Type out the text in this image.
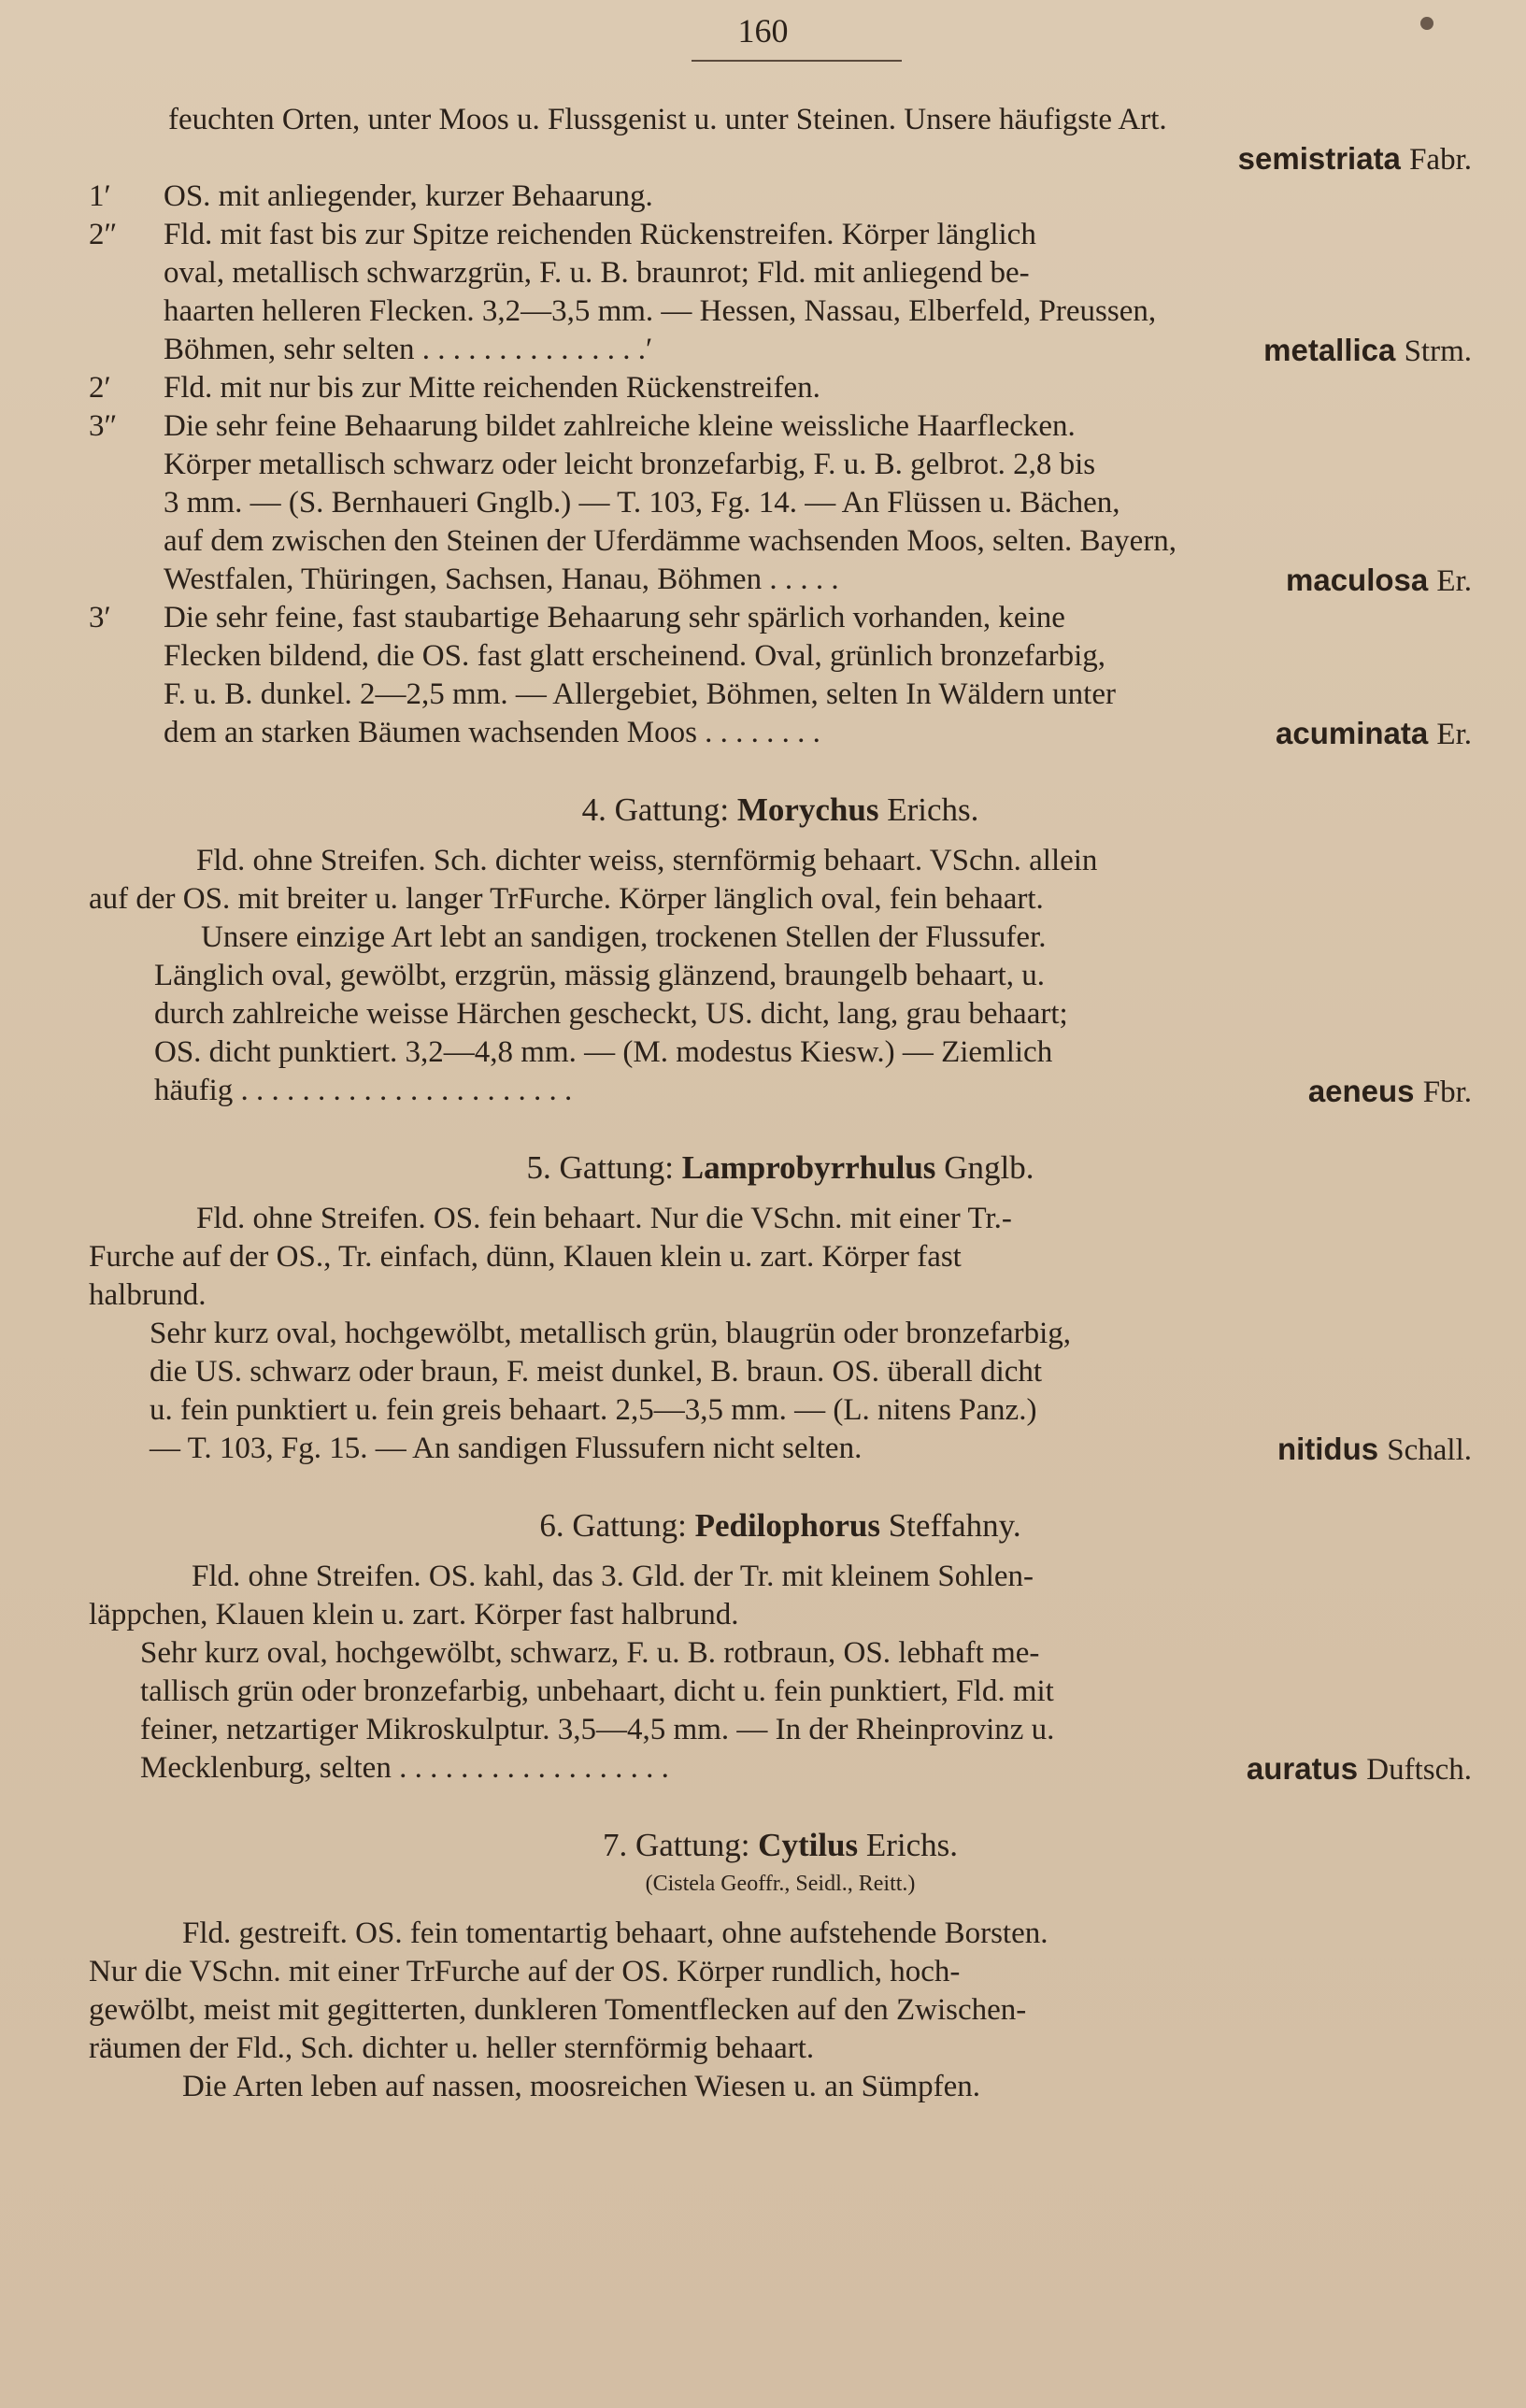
160
feuchten Orten, unter Moos u. Flussgenist u. unter Steinen. Unsere häufigste Art.
semistriata Fabr.
1′	OS. mit anliegender, kurzer Behaarung.
2″	Fld. mit fast bis zur Spitze reichenden Rückenstreifen. Körper länglich
oval, metallisch schwarzgrün, F. u. B. braunrot; Fld. mit anliegend be-
haarten helleren Flecken. 3,2—3,5 mm. — Hessen, Nassau, Elberfeld, Preussen,
Böhmen, sehr selten . . . . . . . . . . . . . . .′	metallica Strm.
2′	Fld. mit nur bis zur Mitte reichenden Rückenstreifen.
3″	Die sehr feine Behaarung bildet zahlreiche kleine weissliche Haarflecken.
Körper metallisch schwarz oder leicht bronzefarbig, F. u. B. gelbrot. 2,8 bis
3 mm. — (S. Bernhaueri Gnglb.) — T. 103, Fg. 14. — An Flüssen u. Bächen,
auf dem zwischen den Steinen der Uferdämme wachsenden Moos, selten. Bayern,
Westfalen, Thüringen, Sachsen, Hanau, Böhmen . . . . .	maculosa Er.
3′	Die sehr feine, fast staubartige Behaarung sehr spärlich vorhanden, keine
Flecken bildend, die OS. fast glatt erscheinend. Oval, grünlich bronzefarbig,
F. u. B. dunkel. 2—2,5 mm. — Allergebiet, Böhmen, selten In Wäldern unter
dem an starken Bäumen wachsenden Moos . . . . . . . .	acuminata Er.
4. Gattung: Morychus Erichs.
Fld. ohne Streifen. Sch. dichter weiss, sternförmig behaart. VSchn. allein
auf der OS. mit breiter u. langer TrFurche. Körper länglich oval, fein behaart.
Unsere einzige Art lebt an sandigen, trockenen Stellen der Flussufer.
Länglich oval, gewölbt, erzgrün, mässig glänzend, braungelb behaart, u.
durch zahlreiche weisse Härchen gescheckt, US. dicht, lang, grau behaart;
OS. dicht punktiert. 3,2—4,8 mm. — (M. modestus Kiesw.) — Ziemlich
häufig . . . . . . . . . . . . . . . . . . . . . .	aeneus Fbr.
5. Gattung: Lamprobyrrhulus Gnglb.
Fld. ohne Streifen. OS. fein behaart. Nur die VSchn. mit einer Tr.-
Furche auf der OS., Tr. einfach, dünn, Klauen klein u. zart. Körper fast
halbrund.
Sehr kurz oval, hochgewölbt, metallisch grün, blaugrün oder bronzefarbig,
die US. schwarz oder braun, F. meist dunkel, B. braun. OS. überall dicht
u. fein punktiert u. fein greis behaart. 2,5—3,5 mm. — (L. nitens Panz.)
— T. 103, Fg. 15. — An sandigen Flussufern nicht selten.	nitidus Schall.
6. Gattung: Pedilophorus Steffahny.
Fld. ohne Streifen. OS. kahl, das 3. Gld. der Tr. mit kleinem Sohlen-
läppchen, Klauen klein u. zart. Körper fast halbrund.
Sehr kurz oval, hochgewölbt, schwarz, F. u. B. rotbraun, OS. lebhaft me-
tallisch grün oder bronzefarbig, unbehaart, dicht u. fein punktiert, Fld. mit
feiner, netzartiger Mikroskulptur. 3,5—4,5 mm. — In der Rheinprovinz u.
Mecklenburg, selten . . . . . . . . . . . . . . . . . .	auratus Duftsch.
7. Gattung: Cytilus Erichs.
(Cistela Geoffr., Seidl., Reitt.)
Fld. gestreift. OS. fein tomentartig behaart, ohne aufstehende Borsten.
Nur die VSchn. mit einer TrFurche auf der OS. Körper rundlich, hoch-
gewölbt, meist mit gegitterten, dunkleren Tomentflecken auf den Zwischen-
räumen der Fld., Sch. dichter u. heller sternförmig behaart.
Die Arten leben auf nassen, moosreichen Wiesen u. an Sümpfen.
